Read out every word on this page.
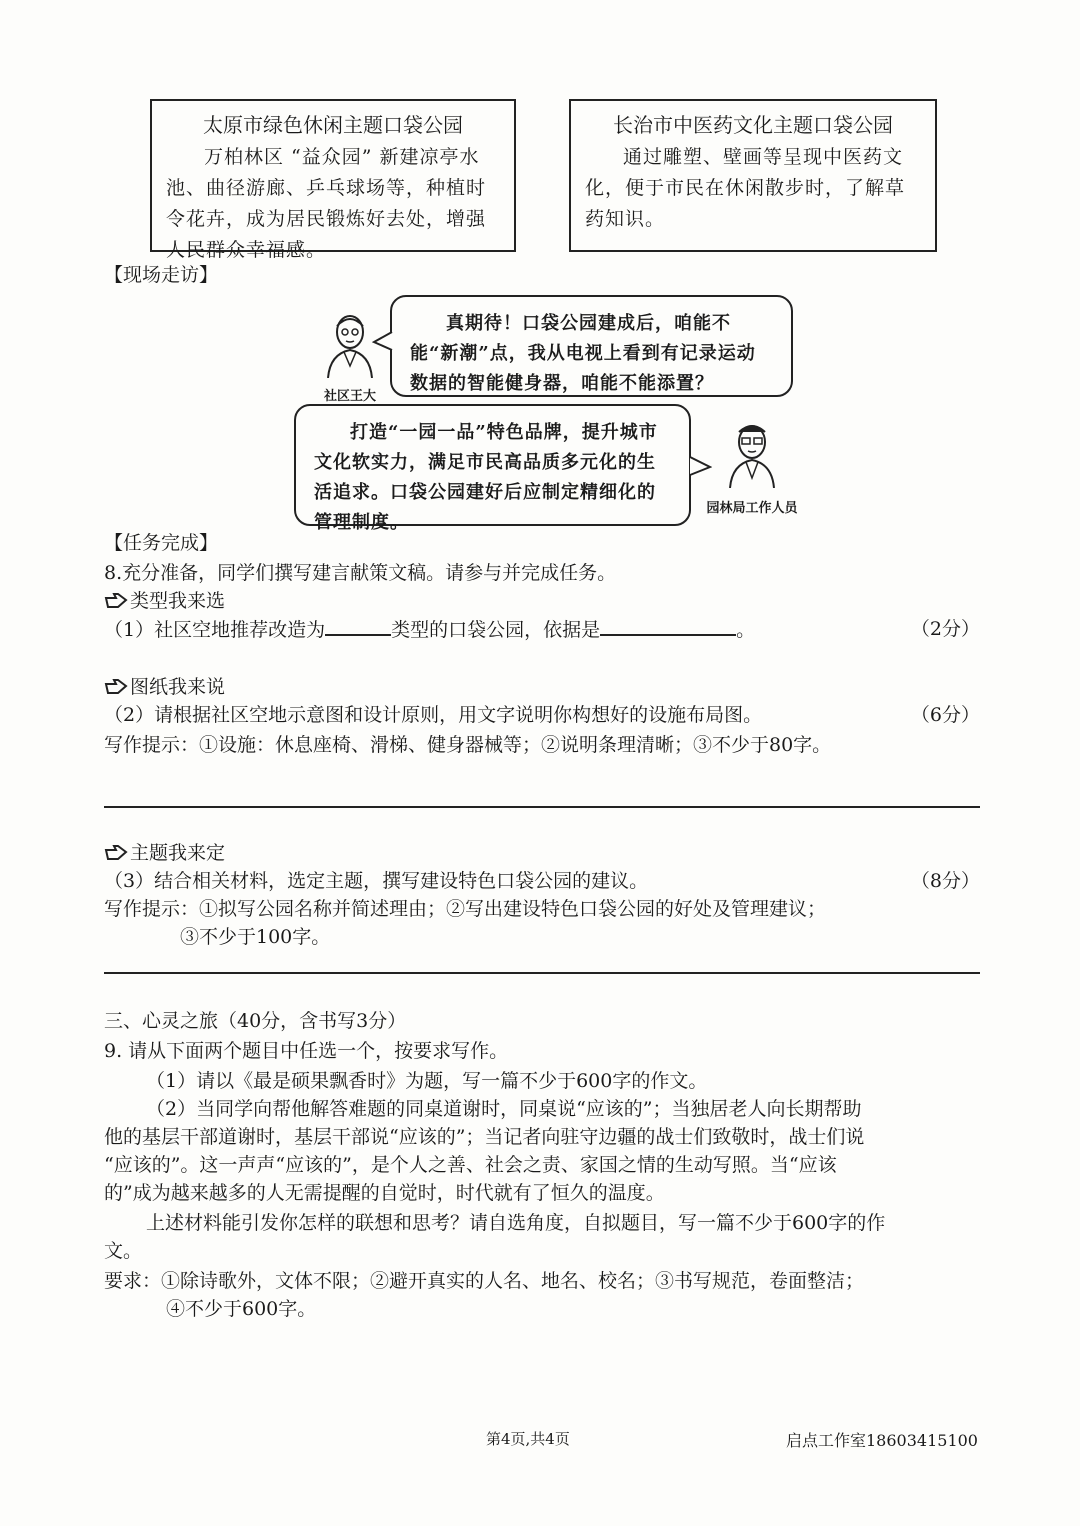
太原市绿色休闲主题口袋公园
万柏林区 “益众园” 新建凉亭水池、曲径游廊、乒乓球场等，种植时令花卉，成为居民锻炼好去处，增强人民群众幸福感。
长治市中医药文化主题口袋公园
通过雕塑、壁画等呈现中医药文化，便于市民在休闲散步时，了解草药知识。
【现场走访】
社区王大
真期待！口袋公园建成后，咱能不能“新潮”点，我从电视上看到有记录运动数据的智能健身器，咱能不能添置？
打造“一园一品”特色品牌，提升城市文化软实力，满足市民高品质多元化的生活追求。口袋公园建好后应制定精细化的管理制度。
园林局工作人员
【任务完成】
8.充分准备，同学们撰写建言献策文稿。请参与并完成任务。
类型我来选
（1）社区空地推荐改造为	类型的口袋公园，依据是	。	（2分）
图纸我来说
（2）请根据社区空地示意图和设计原则，用文字说明你构想好的设施布局图。	（6分）
写作提示：①设施：休息座椅、滑梯、健身器械等；②说明条理清晰；③不少于80字。
主题我来定
（3）结合相关材料，选定主题，撰写建设特色口袋公园的建议。	（8分）
写作提示：①拟写公园名称并简述理由；②写出建设特色口袋公园的好处及管理建议；
③不少于100字。
三、心灵之旅（40分，含书写3分）
9. 请从下面两个题目中任选一个，按要求写作。
（1）请以《最是硕果飘香时》为题，写一篇不少于600字的作文。
（2）当同学向帮他解答难题的同桌道谢时，同桌说“应该的”；当独居老人向长期帮助
他的基层干部道谢时，基层干部说“应该的”；当记者向驻守边疆的战士们致敬时，战士们说
“应该的”。这一声声“应该的”，是个人之善、社会之责、家国之情的生动写照。当“应该
的”成为越来越多的人无需提醒的自觉时，时代就有了恒久的温度。
上述材料能引发你怎样的联想和思考？请自选角度，自拟题目，写一篇不少于600字的作
文。
要求：①除诗歌外，文体不限；②避开真实的人名、地名、校名；③书写规范，卷面整洁；
④不少于600字。
第4页,共4页	启点工作室18603415100
